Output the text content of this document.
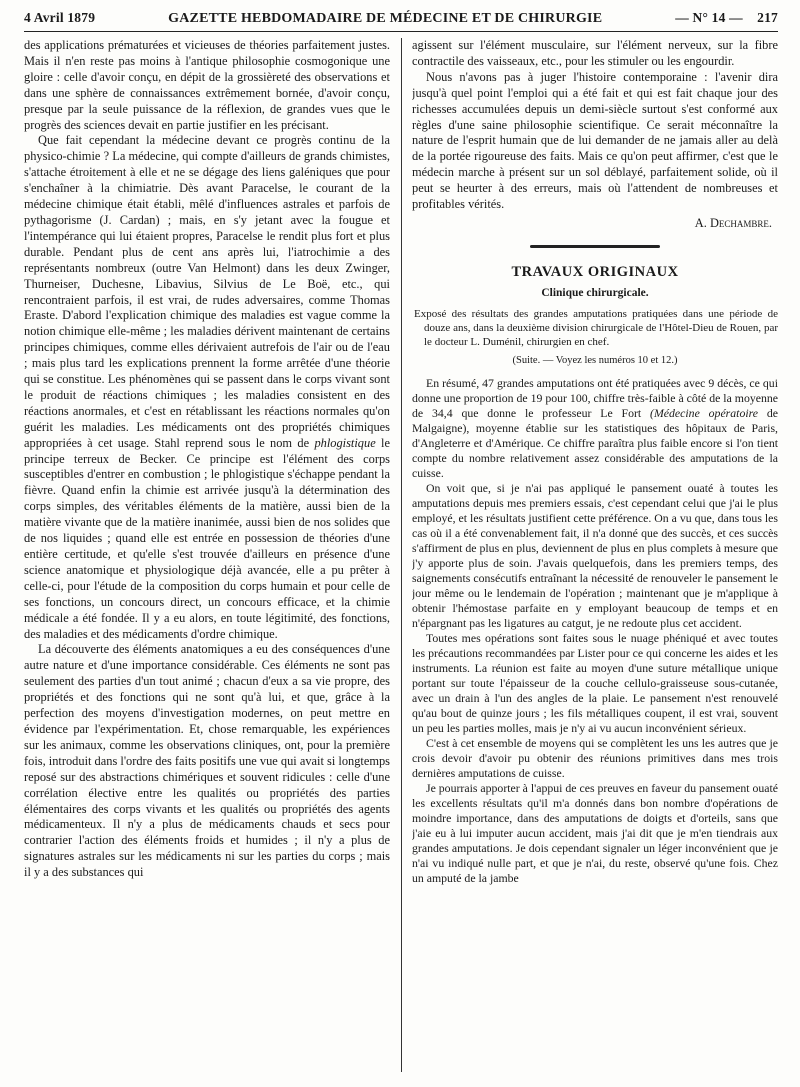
4 Avril 1879	GAZETTE HEBDOMADAIRE DE MÉDECINE ET DE CHIRURGIE	— N° 14 — 217

des applications prématurées et vicieuses de théories parfaitement justes. Mais il n'en reste pas moins à l'antique philosophie cosmogonique une gloire : celle d'avoir conçu, en dépit de la grossièreté des observations et dans une sphère de connaissances extrêmement bornée, d'avoir conçu, presque par la seule puissance de la réflexion, de grandes vues que le progrès des sciences devait en partie justifier en les précisant.

Que fait cependant la médecine devant ce progrès continu de la physico-chimie ? La médecine, qui compte d'ailleurs de grands chimistes, s'attache étroitement à elle et ne se dégage des liens galéniques que pour s'enchaîner à la chimiatrie. Dès avant Paracelse, le courant de la médecine chimique était établi, mêlé d'influences astrales et parfois de pythagorisme (J. Cardan) ; mais, en s'y jetant avec la fougue et l'intempérance qui lui étaient propres, Paracelse le rendit plus fort et plus durable. Pendant plus de cent ans après lui, l'iatrochimie a des représentants nombreux (outre Van Helmont) dans les deux Zwinger, Thurneiser, Duchesne, Libavius, Silvius de Le Boë, etc., qui rencontraient parfois, il est vrai, de rudes adversaires, comme Thomas Eraste. D'abord l'explication chimique des maladies est vague comme la notion chimique elle-même ; les maladies dérivent maintenant de certains principes chimiques, comme elles dérivaient autrefois de l'air ou de l'eau ; mais plus tard les explications prennent la forme arrêtée d'une théorie qui se constitue. Les phénomènes qui se passent dans le corps vivant sont le produit de réactions chimiques ; les maladies consistent en des réactions anormales, et c'est en rétablissant les réactions normales qu'on guérit les maladies. Les médicaments ont des propriétés chimiques appropriées à cet usage. Stahl reprend sous le nom de phlogistique le principe terreux de Becker. Ce principe est l'élément des corps susceptibles d'entrer en combustion ; le phlogistique s'échappe pendant la fièvre. Quand enfin la chimie est arrivée jusqu'à la détermination des corps simples, des véritables éléments de la matière, aussi bien de la matière vivante que de la matière inanimée, aussi bien de nos solides que de nos liquides ; quand elle est entrée en possession de théories d'une entière certitude, et qu'elle s'est trouvée d'ailleurs en présence d'une science anatomique et physiologique déjà avancée, elle a pu prêter à celle-ci, pour l'étude de la composition du corps humain et pour celle de ses fonctions, un concours direct, un concours efficace, et la chimie médicale a été fondée. Il y a eu alors, en toute légitimité, des fonctions, des maladies et des médicaments d'ordre chimique.

La découverte des éléments anatomiques a eu des conséquences d'une autre nature et d'une importance considérable. Ces éléments ne sont pas seulement des parties d'un tout animé ; chacun d'eux a sa vie propre, des propriétés et des fonctions qui ne sont qu'à lui, et que, grâce à la perfection des moyens d'investigation modernes, on peut mettre en évidence par l'expérimentation. Et, chose remarquable, les expériences sur les animaux, comme les observations cliniques, ont, pour la première fois, introduit dans l'ordre des faits positifs une vue qui avait si longtemps reposé sur des abstractions chimériques et souvent ridicules : celle d'une corrélation élective entre les qualités ou propriétés des parties élémentaires des corps vivants et les qualités ou propriétés des agents médicamenteux. Il n'y a plus de médicaments chauds et secs pour contrarier l'action des éléments froids et humides ; il n'y a plus de signatures astrales sur les médicaments ni sur les parties du corps ; mais il y a des substances qui

agissent sur l'élément musculaire, sur l'élément nerveux, sur la fibre contractile des vaisseaux, etc., pour les stimuler ou les engourdir.

Nous n'avons pas à juger l'histoire contemporaine : l'avenir dira jusqu'à quel point l'emploi qui a été fait et qui est fait chaque jour des richesses accumulées depuis un demi-siècle surtout s'est conformé aux règles d'une saine philosophie scientifique. Ce serait méconnaître la nature de l'esprit humain que de lui demander de ne jamais aller au delà de la portée rigoureuse des faits. Mais ce qu'on peut affirmer, c'est que le médecin marche à présent sur un sol déblayé, parfaitement solide, où il peut se heurter à des erreurs, mais où l'attendent de nombreuses et profitables vérités.

A. Dechambre.
TRAVAUX ORIGINAUX
Clinique chirurgicale.
Exposé des résultats des grandes amputations pratiquées dans une période de douze ans, dans la deuxième division chirurgicale de l'Hôtel-Dieu de Rouen, par le docteur L. Duménil, chirurgien en chef.
(Suite. — Voyez les numéros 10 et 12.)

En résumé, 47 grandes amputations ont été pratiquées avec 9 décès, ce qui donne une proportion de 19 pour 100, chiffre très-faible à côté de la moyenne de 34,4 que donne le professeur Le Fort (Médecine opératoire de Malgaigne), moyenne établie sur les statistiques des hôpitaux de Paris, d'Angleterre et d'Amérique. Ce chiffre paraîtra plus faible encore si l'on tient compte du nombre relativement assez considérable des amputations de la cuisse.

On voit que, si je n'ai pas appliqué le pansement ouaté à toutes les amputations depuis mes premiers essais, c'est cependant celui que j'ai le plus employé, et les résultats justifient cette préférence. On a vu que, dans tous les cas où il a été convenablement fait, il n'a donné que des succès, et ces succès s'affirment de plus en plus, deviennent de plus en plus complets à mesure que j'y apporte plus de soin. J'avais quelquefois, dans les premiers temps, des saignements consécutifs entraînant la nécessité de renouveler le pansement le jour même ou le lendemain de l'opération ; maintenant que je m'applique à obtenir l'hémostase parfaite en y employant beaucoup de temps et en n'épargnant pas les ligatures au catgut, je ne redoute plus cet accident.

Toutes mes opérations sont faites sous le nuage phéniqué et avec toutes les précautions recommandées par Lister pour ce qui concerne les aides et les instruments. La réunion est faite au moyen d'une suture métallique unique portant sur toute l'épaisseur de la couche cellulo-graisseuse sous-cutanée, avec un drain à l'un des angles de la plaie. Le pansement n'est renouvelé qu'au bout de quinze jours ; les fils métalliques coupent, il est vrai, souvent un peu les parties molles, mais je n'y ai vu aucun inconvénient sérieux.

C'est à cet ensemble de moyens qui se complètent les uns les autres que je crois devoir d'avoir pu obtenir des réunions primitives dans mes trois dernières amputations de cuisse.

Je pourrais apporter à l'appui de ces preuves en faveur du pansement ouaté les excellents résultats qu'il m'a donnés dans bon nombre d'opérations de moindre importance, dans des amputations de doigts et d'orteils, sans que j'aie eu à lui imputer aucun accident, mais j'ai dit que je m'en tiendrais aux grandes amputations. Je dois cependant signaler un léger inconvénient que je n'ai vu indiqué nulle part, et que je n'ai, du reste, observé qu'une fois. Chez un amputé de la jambe
